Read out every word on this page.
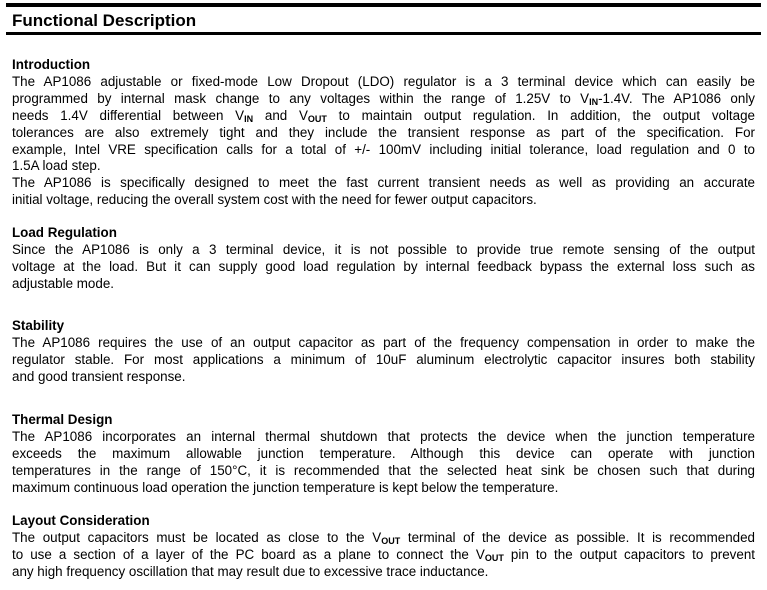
Functional Description
Introduction
The AP1086 adjustable or fixed-mode Low Dropout (LDO) regulator is a 3 terminal device which can easily be
programmed by internal mask change to any voltages within the range of 1.25V to $V_{IN}-1.4V$. The AP1086 only
needs 1.4V differential between $V_{IN}$ and $V_{OUT}$ to maintain output regulation. In addition, the output voltage
tolerances are also extremely tight and they include the transient response as part of the specification. For
example, Intel VRE specification calls for a total of +/- 100mV including initial tolerance, load regulation and 0 to
1.5A load step.
The AP1086 is specifically designed to meet the fast current transient needs as well as providing an accurate
initial voltage, reducing the overall system cost with the need for fewer output capacitors.
Load Regulation
Since the AP1086 is only a 3 terminal device, it is not possible to provide true remote sensing of the output
voltage at the load. But it can supply good load regulation by internal feedback bypass the external loss such as
adjustable mode.
Stability
The AP1086 requires the use of an output capacitor as part of the frequency compensation in order to make the
regulator stable. For most applications a minimum of 10uF aluminum electrolytic capacitor insures both stability
and good transient response.
Thermal Design
The AP1086 incorporates an internal thermal shutdown that protects the device when the junction temperature
exceeds the maximum allowable junction temperature. Although this device can operate with junction
temperatures in the range of 150°C, it is recommended that the selected heat sink be chosen such that during
maximum continuous load operation the junction temperature is kept below the temperature.
Layout Consideration
The output capacitors must be located as close to the $V_{OUT}$ terminal of the device as possible. It is recommended
to use a section of a layer of the PC board as a plane to connect the $V_{OUT}$ pin to the output capacitors to prevent
any high frequency oscillation that may result due to excessive trace inductance.
